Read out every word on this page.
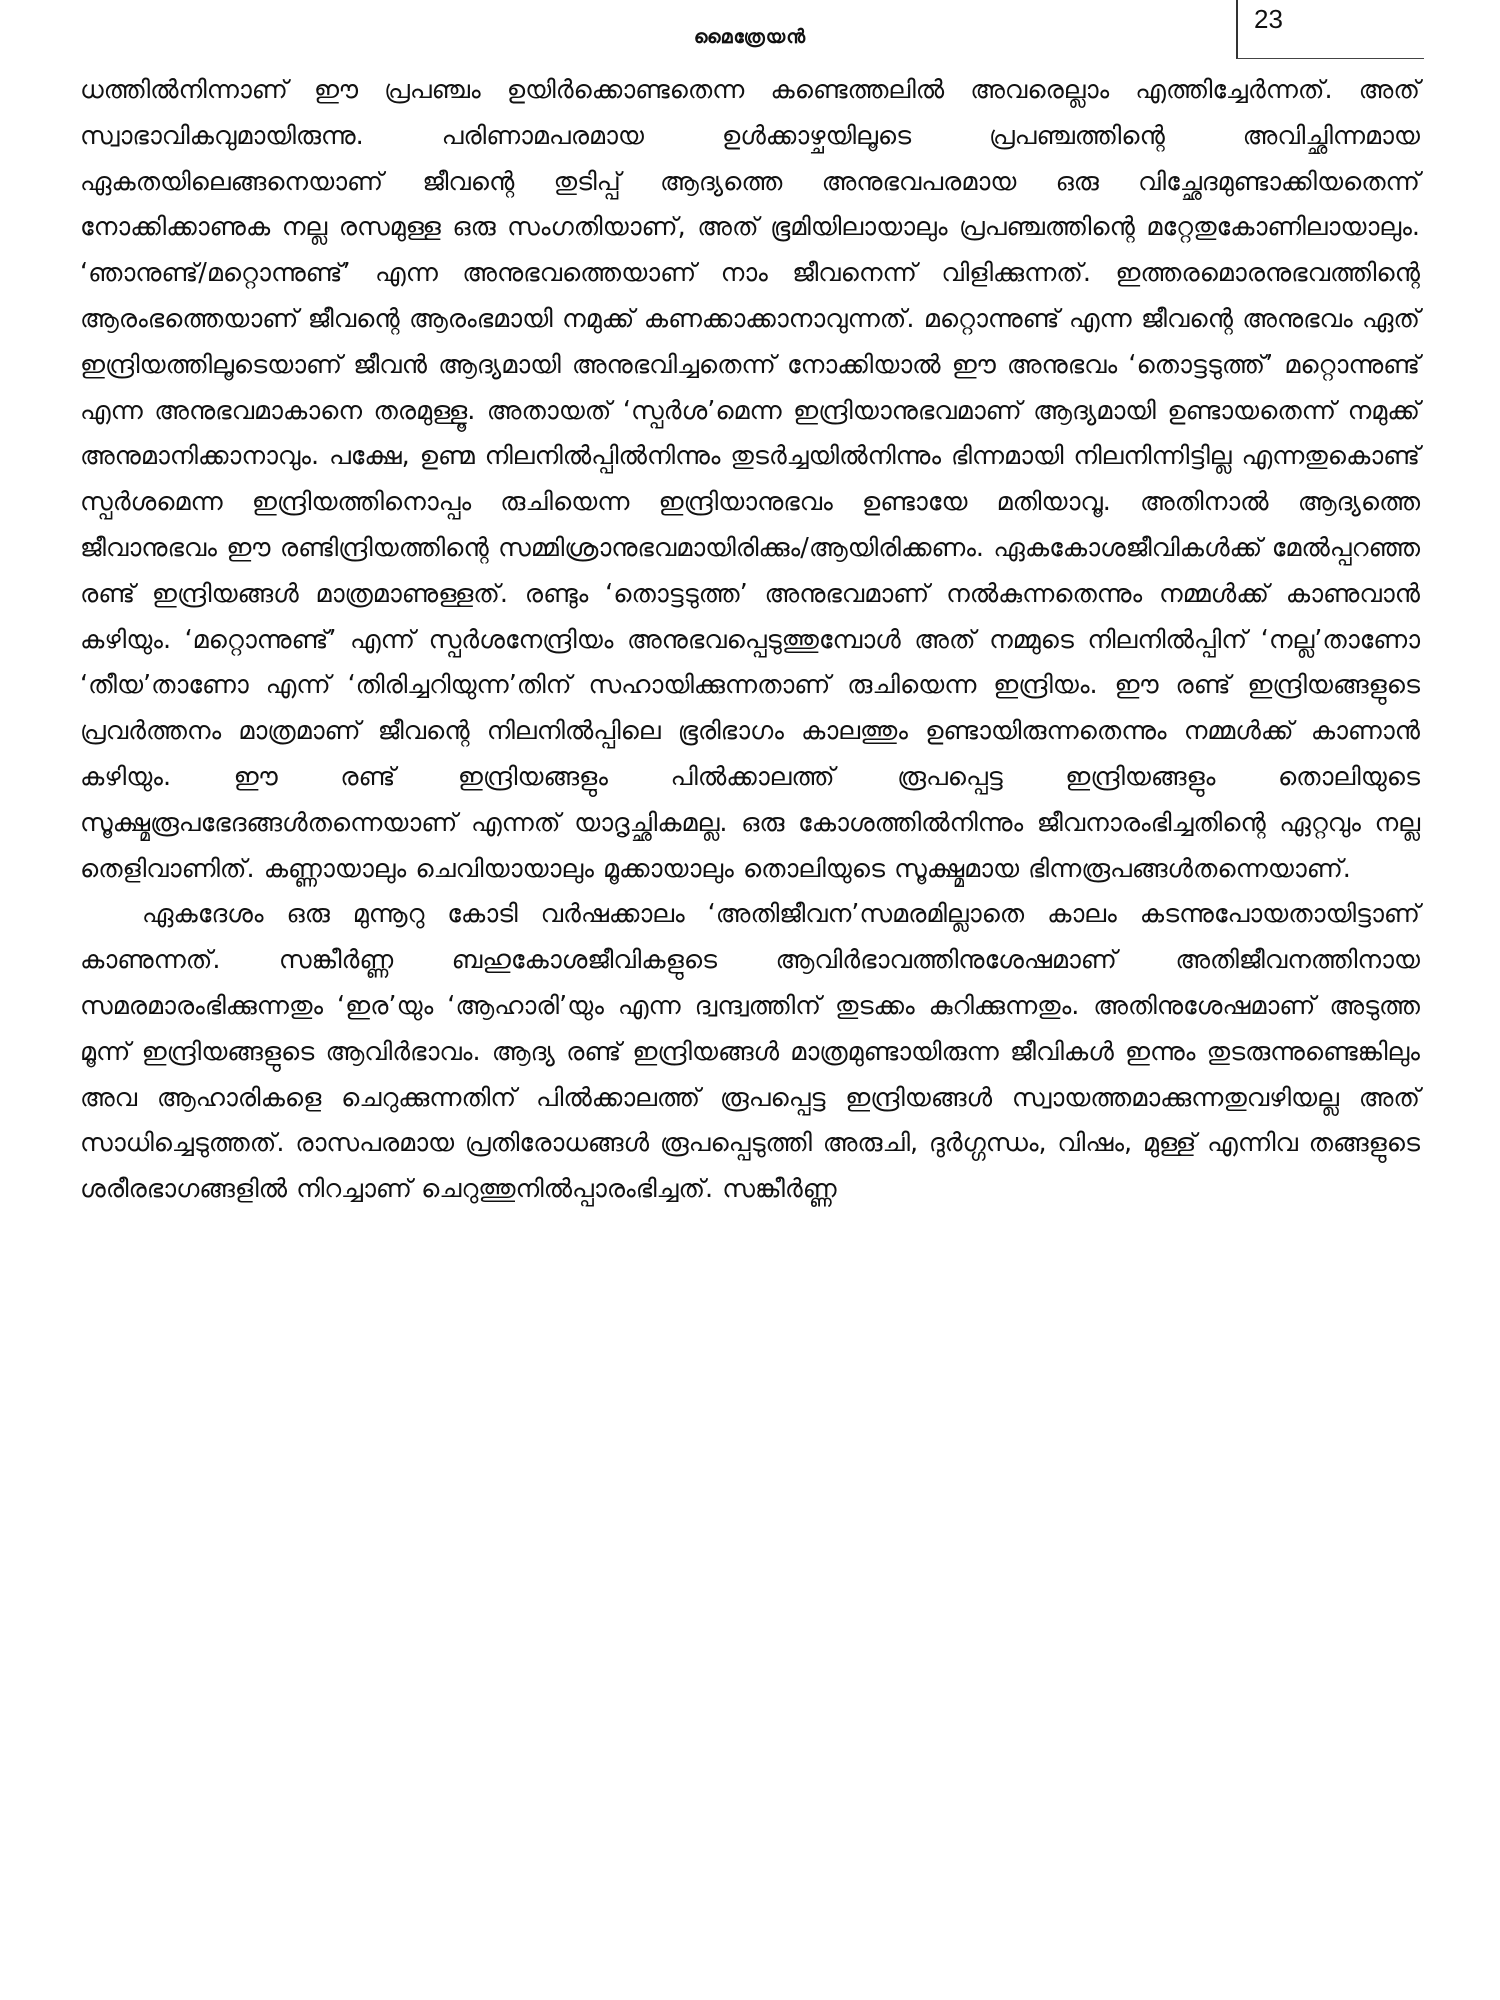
മൈത്രേയൻ
23

ധത്തിൽനിന്നാണ് ഈ പ്രപഞ്ചം ഉയിർക്കൊണ്ടതെന്ന കണ്ടെത്തലിൽ അവരെല്ലാം എത്തിച്ചേർന്നത്. അത് സ്വാഭാവികവുമായിരുന്നു. പരിണാമപരമായ ഉൾക്കാഴ്ചയിലൂടെ പ്രപഞ്ചത്തിന്റെ അവിച്ഛിന്നമായ ഏകതയിലെങ്ങനെയാണ് ജീവന്റെ തുടിപ്പ് ആദ്യത്തെ അനുഭവപരമായ ഒരു വിച്ഛേദമുണ്ടാക്കിയതെന്ന് നോക്കിക്കാണുക നല്ല രസമുള്ള ഒരു സംഗതിയാണ്, അത് ഭൂമിയിലായാലും പ്രപഞ്ചത്തിന്റെ മറ്റേതുകോണിലായാലും. ‘ഞാനുണ്ട്/മറ്റൊന്നുണ്ട്’ എന്ന അനുഭവത്തെയാണ് നാം ജീവനെന്ന് വിളിക്കുന്നത്. ഇത്തരമൊരനുഭവത്തിന്റെ ആരംഭത്തെയാണ് ജീവന്റെ ആരംഭമായി നമുക്ക് കണക്കാക്കാനാവുന്നത്. മറ്റൊന്നുണ്ട് എന്ന ജീവന്റെ അനുഭവം ഏത് ഇന്ദ്രിയത്തിലൂടെയാണ് ജീവൻ ആദ്യമായി അനുഭവിച്ചതെന്ന് നോക്കിയാൽ ഈ അനുഭവം ‘തൊട്ടടുത്ത്’ മറ്റൊന്നുണ്ട് എന്ന അനുഭവമാകാനെ തരമുള്ളൂ. അതായത് ‘സ്പർശ’മെന്ന ഇന്ദ്രിയാനുഭവമാണ് ആദ്യമായി ഉണ്ടായതെന്ന് നമുക്ക് അനുമാനിക്കാനാവും. പക്ഷേ, ഉണ്മ നിലനിൽപ്പിൽനിന്നും തുടർച്ചയിൽനിന്നും ഭിന്നമായി നിലനിന്നിട്ടില്ല എന്നതുകൊണ്ട് സ്പർശമെന്ന ഇന്ദ്രിയത്തിനൊപ്പം രുചിയെന്ന ഇന്ദ്രിയാനുഭവം ഉണ്ടായേ മതിയാവൂ. അതിനാൽ ആദ്യത്തെ ജീവാനുഭവം ഈ രണ്ടിന്ദ്രിയത്തിന്റെ സമ്മിശ്രാനുഭവമായിരിക്കും/ആയിരിക്കണം. ഏകകോശജീവികൾക്ക് മേൽപ്പറഞ്ഞ രണ്ട് ഇന്ദ്രിയങ്ങൾ മാത്രമാണുള്ളത്. രണ്ടും ‘തൊട്ടടുത്ത’ അനുഭവമാണ് നൽകുന്നതെന്നും നമ്മൾക്ക് കാണുവാൻ കഴിയും. ‘മറ്റൊന്നുണ്ട്’ എന്ന് സ്പർശനേന്ദ്രിയം അനുഭവപ്പെടുത്തുമ്പോൾ അത് നമ്മുടെ നിലനിൽപ്പിന് ‘നല്ല’താണോ ‘തീയ’താണോ എന്ന് ‘തിരിച്ചറിയുന്ന’തിന് സഹായിക്കുന്നതാണ് രുചിയെന്ന ഇന്ദ്രിയം. ഈ രണ്ട് ഇന്ദ്രിയങ്ങളുടെ പ്രവർത്തനം മാത്രമാണ് ജീവന്റെ നിലനിൽപ്പിലെ ഭൂരിഭാഗം കാലത്തും ഉണ്ടായിരുന്നതെന്നും നമ്മൾക്ക് കാണാൻ കഴിയും. ഈ രണ്ട് ഇന്ദ്രിയങ്ങളും പിൽക്കാലത്ത് രൂപപ്പെട്ട ഇന്ദ്രിയങ്ങളും തൊലിയുടെ സൂക്ഷ്മരൂപഭേദങ്ങൾതന്നെയാണ് എന്നത് യാദൃച്ഛികമല്ല. ഒരു കോശത്തിൽനിന്നും ജീവനാരംഭിച്ചതിന്റെ ഏറ്റവും നല്ല തെളിവാണിത്. കണ്ണായാലും ചെവിയായാലും മൂക്കായാലും തൊലിയുടെ സൂക്ഷ്മമായ ഭിന്നരൂപങ്ങൾതന്നെയാണ്.

ഏകദേശം ഒരു മുന്നൂറു കോടി വർഷക്കാലം ‘അതിജീവന’സമരമില്ലാതെ കാലം കടന്നുപോയതായിട്ടാണ് കാണുന്നത്. സങ്കീർണ്ണ ബഹുകോശജീവികളുടെ ആവിർഭാവത്തിനുശേഷമാണ് അതിജീവനത്തിനായ സമരമാരംഭിക്കുന്നതും ‘ഇര’യും ‘ആഹാരി’യും എന്ന ദ്വന്ദ്വത്തിന് തുടക്കം കുറിക്കുന്നതും. അതിനുശേഷമാണ് അടുത്ത മൂന്ന് ഇന്ദ്രിയങ്ങളുടെ ആവിർഭാവം. ആദ്യ രണ്ട് ഇന്ദ്രിയങ്ങൾ മാത്രമുണ്ടായിരുന്ന ജീവികൾ ഇന്നും തുടരുന്നുണ്ടെങ്കിലും അവ ആഹാരികളെ ചെറുക്കുന്നതിന് പിൽക്കാലത്ത് രൂപപ്പെട്ട ഇന്ദ്രിയങ്ങൾ സ്വായത്തമാക്കുന്നതുവഴിയല്ല അത് സാധിച്ചെടുത്തത്. രാസപരമായ പ്രതിരോധങ്ങൾ രൂപപ്പെടുത്തി അരുചി, ദുർഗ്ഗന്ധം, വിഷം, മുള്ള് എന്നിവ തങ്ങളുടെ ശരീരഭാഗങ്ങളിൽ നിറച്ചാണ് ചെറുത്തുനിൽപ്പാരംഭിച്ചത്. സങ്കീർണ്ണ
